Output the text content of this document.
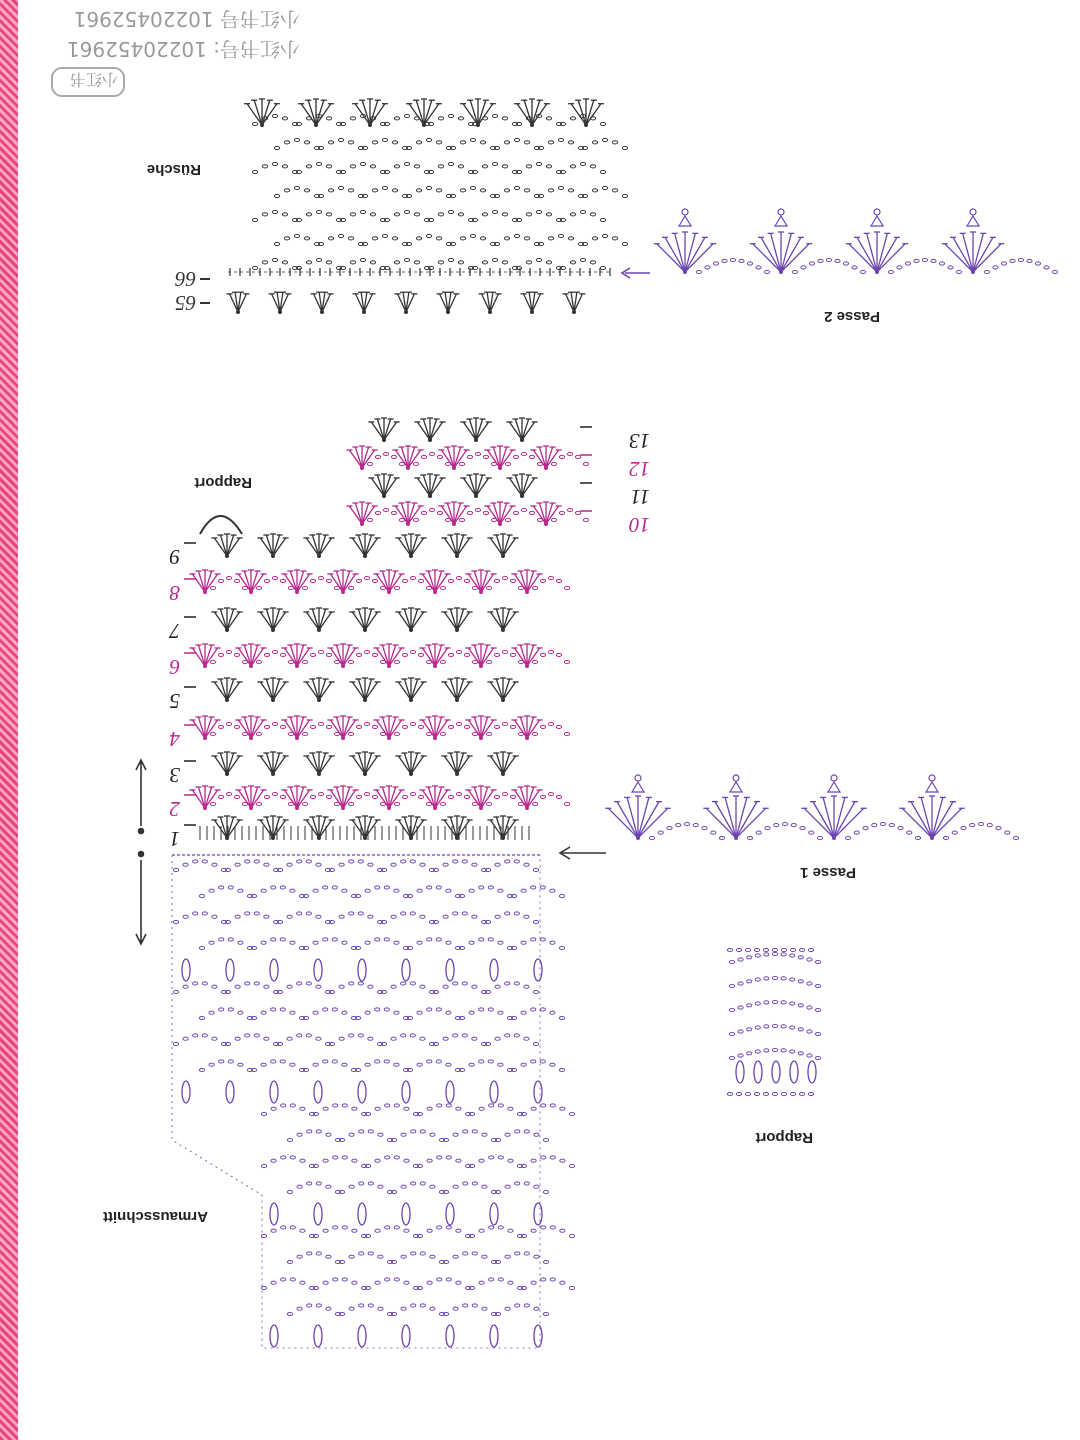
小红书号: 10220452961
小红书号 10220452961
小红书
Rüsche
Passe 2
Passe 1
Rapport
Rapport
Armausschnitt
66
65
13
12
11
10
9
8
7
6
5
4
3
2
1
